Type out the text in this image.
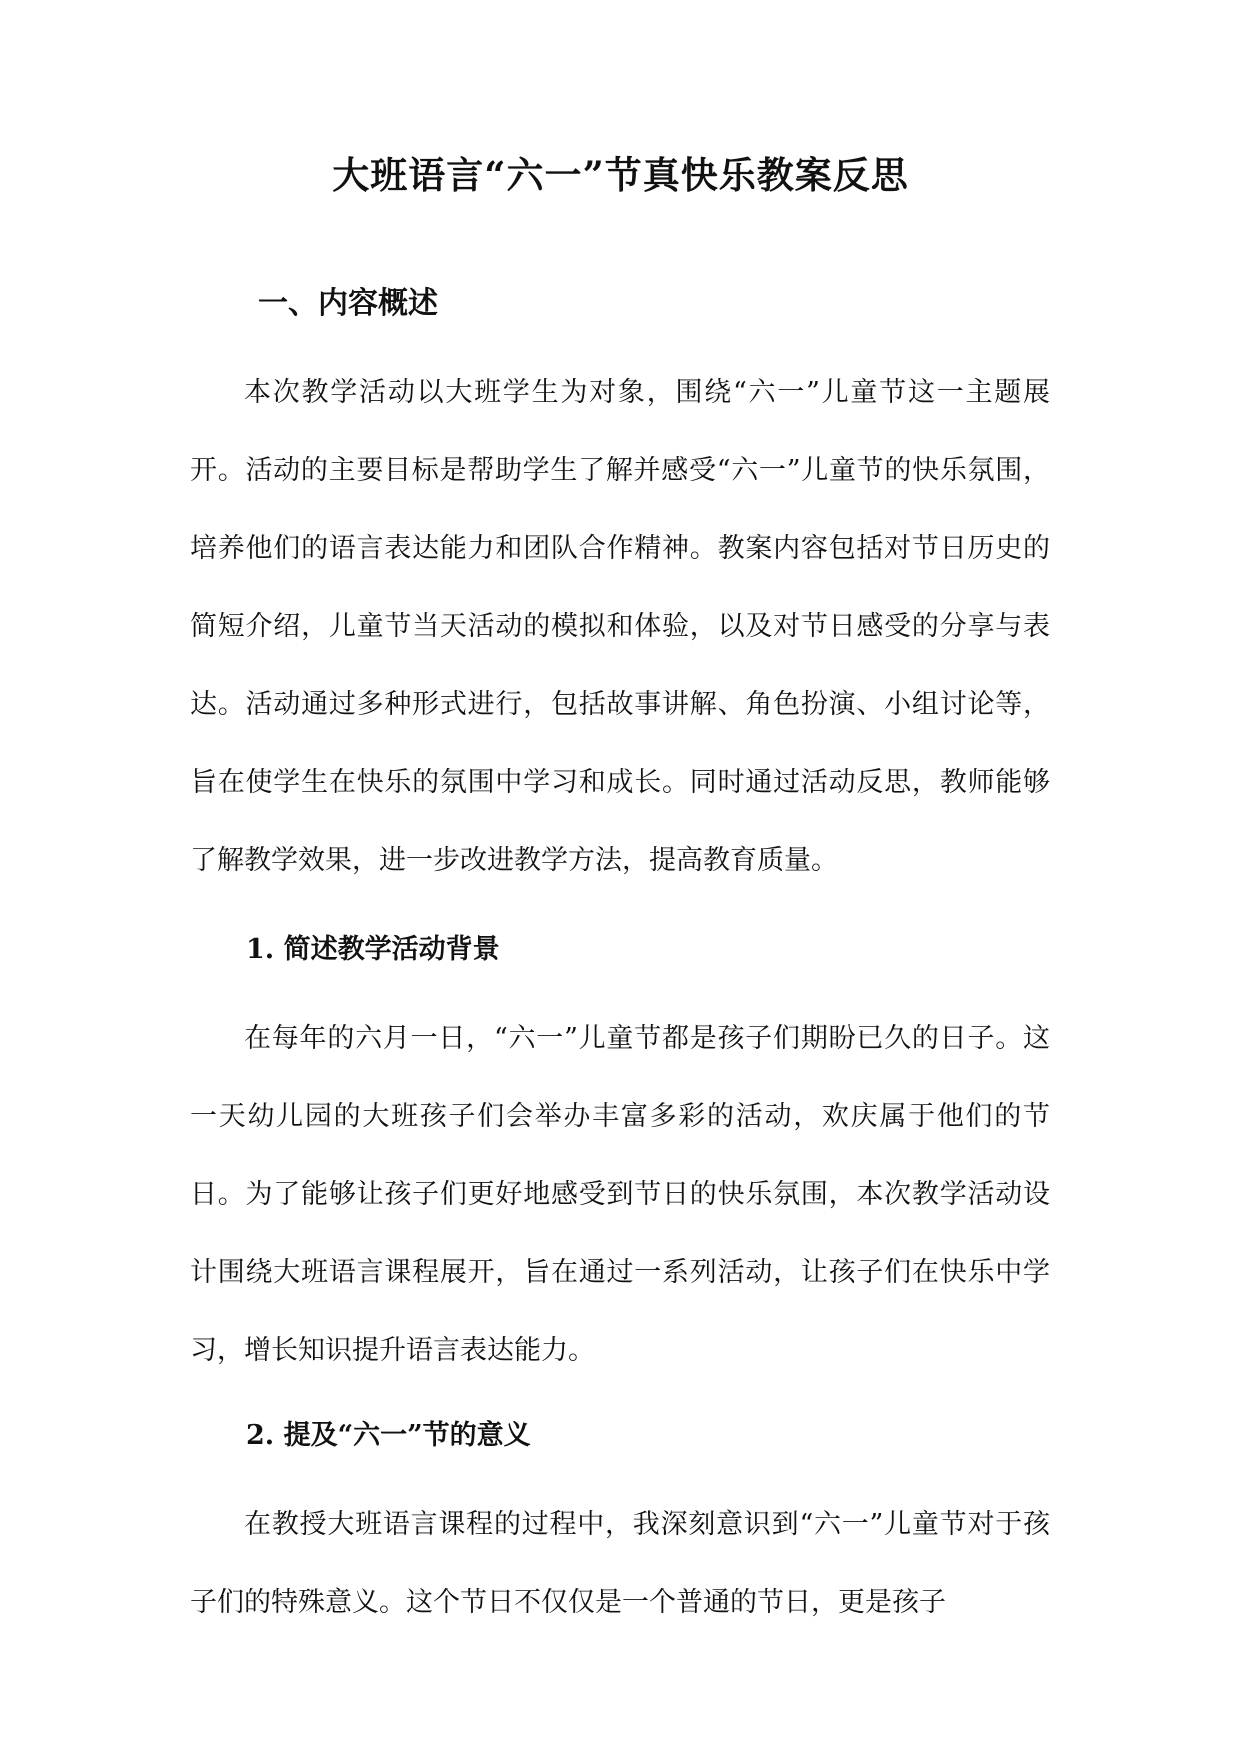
大班语言“六一”节真快乐教案反思
一、内容概述

本次教学活动以大班学生为对象，围绕“六一”儿童节这一主题展开。活动的主要目标是帮助学生了解并感受“六一”儿童节的快乐氛围，培养他们的语言表达能力和团队合作精神。教案内容包括对节日历史的简短介绍，儿童节当天活动的模拟和体验，以及对节日感受的分享与表达。活动通过多种形式进行，包括故事讲解、角色扮演、小组讨论等，旨在使学生在快乐的氛围中学习和成长。同时通过活动反思，教师能够了解教学效果，进一步改进教学方法，提高教育质量。

1. 简述教学活动背景

在每年的六月一日，“六一”儿童节都是孩子们期盼已久的日子。这一天幼儿园的大班孩子们会举办丰富多彩的活动，欢庆属于他们的节日。为了能够让孩子们更好地感受到节日的快乐氛围，本次教学活动设计围绕大班语言课程展开，旨在通过一系列活动，让孩子们在快乐中学习，增长知识提升语言表达能力。

2. 提及“六一”节的意义

在教授大班语言课程的过程中，我深刻意识到“六一”儿童节对于孩子们的特殊意义。这个节日不仅仅是一个普通的节日，更是孩子
